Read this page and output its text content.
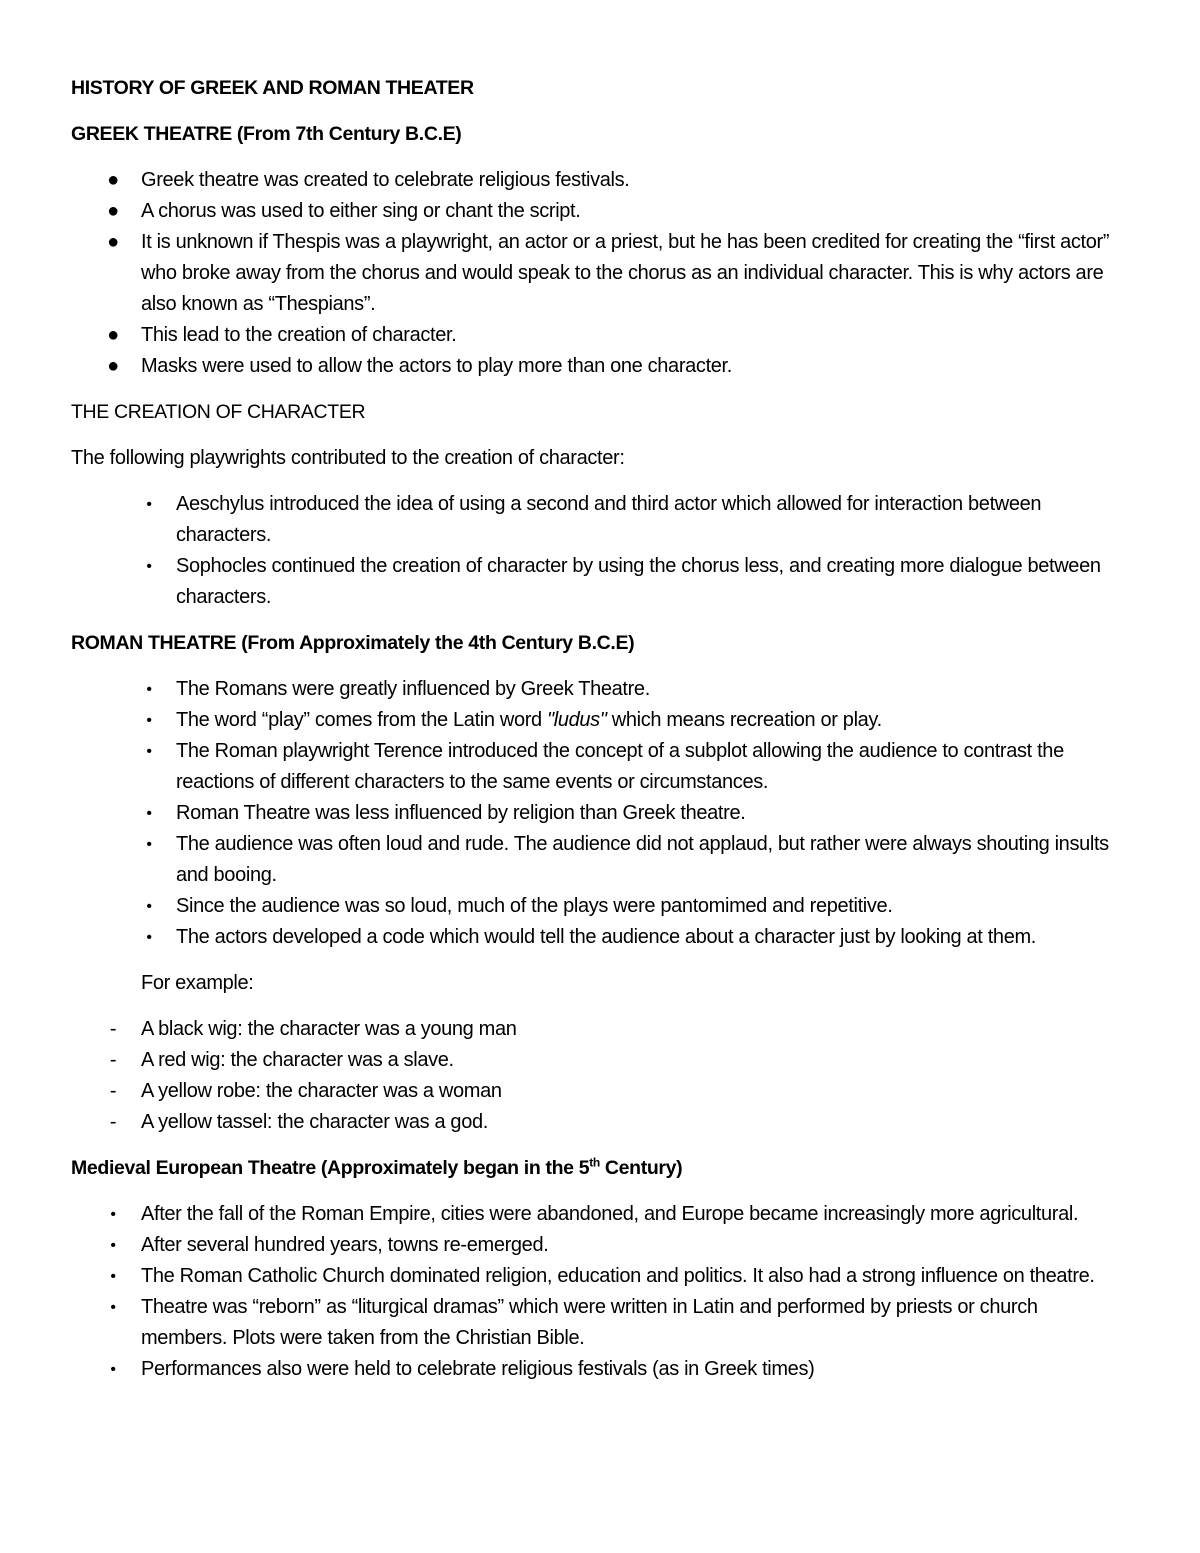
HISTORY OF GREEK AND ROMAN THEATER
GREEK THEATRE (From 7th Century B.C.E)
● Greek theatre was created to celebrate religious festivals.
● A chorus was used to either sing or chant the script.
● It is unknown if Thespis was a playwright, an actor or a priest, but he has been credited for creating the “first actor” who broke away from the chorus and would speak to the chorus as an individual character. This is why actors are also known as “Thespians”.
● This lead to the creation of character.
● Masks were used to allow the actors to play more than one character.
THE CREATION OF CHARACTER

The following playwrights contributed to the creation of character:

•	Aeschylus introduced the idea of using a second and third actor which allowed for interaction between characters.
•	Sophocles continued the creation of character by using the chorus less, and creating more dialogue between characters.
ROMAN THEATRE (From Approximately the 4th Century B.C.E)
•	The Romans were greatly influenced by Greek Theatre.
•	The word “play” comes from the Latin word "ludus" which means recreation or play.
•	The Roman playwright Terence introduced the concept of a subplot allowing the audience to contrast the reactions of different characters to the same events or circumstances.
•	Roman Theatre was less influenced by religion than Greek theatre.
•	The audience was often loud and rude. The audience did not applaud, but rather were always shouting insults and booing.
•	Since the audience was so loud, much of the plays were pantomimed and repetitive.
•	The actors developed a code which would tell the audience about a character just by looking at them.

For example:

-	A black wig: the character was a young man
-	A red wig: the character was a slave.
-	A yellow robe: the character was a woman
-	A yellow tassel: the character was a god.
Medieval European Theatre (Approximately began in the 5th Century)
•	After the fall of the Roman Empire, cities were abandoned, and Europe became increasingly more agricultural.
•	After several hundred years, towns re-emerged.
•	The Roman Catholic Church dominated religion, education and politics. It also had a strong influence on theatre.
•	Theatre was “reborn” as “liturgical dramas” which were written in Latin and performed by priests or church members. Plots were taken from the Christian Bible.
•	Performances also were held to celebrate religious festivals (as in Greek times)
